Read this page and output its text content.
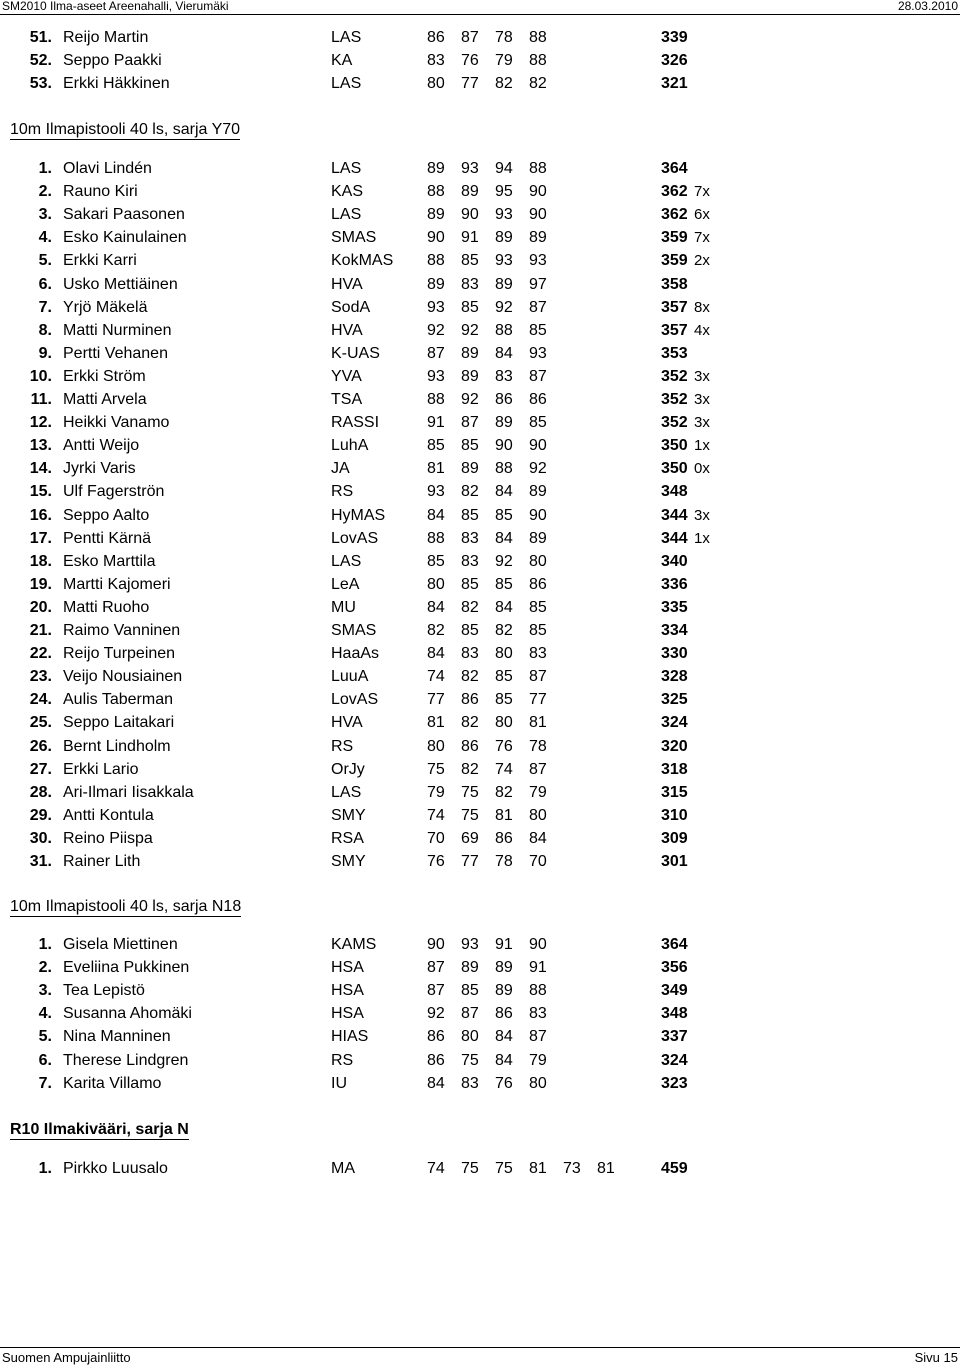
SM2010 Ilma-aseet Areenahalli, Vierumäki	28.03.2010
51. Reijo Martin	LAS	86	87	78	88	339
52. Seppo Paakki	KA	83	76	79	88	326
53. Erkki Häkkinen	LAS	80	77	82	82	321
10m Ilmapistooli 40 ls, sarja Y70
1. Olavi Lindén	LAS	89	93	94	88	364
2. Rauno Kiri	KAS	88	89	95	90	362 7x
3. Sakari Paasonen	LAS	89	90	93	90	362 6x
4. Esko Kainulainen	SMAS	90	91	89	89	359 7x
5. Erkki Karri	KokMAS 88	85	93	93	359 2x
6. Usko Mettiäinen	HVA	89	83	89	97	358
7. Yrjö Mäkelä	SodA	93	85	92	87	357 8x
8. Matti Nurminen	HVA	92	92	88	85	357 4x
9. Pertti Vehanen	K-UAS	87	89	84	93	353
10. Erkki Ström	YVA	93	89	83	87	352 3x
11. Matti Arvela	TSA	88	92	86	86	352 3x
12. Heikki Vanamo	RASSI	91	87	89	85	352 3x
13. Antti Weijo	LuhA	85	85	90	90	350 1x
14. Jyrki Varis	JA	81	89	88	92	350 0x
15. Ulf Fagerströn	RS	93	82	84	89	348
16. Seppo Aalto	HyMAS	84	85	85	90	344 3x
17. Pentti Kärnä	LovAS	88	83	84	89	344 1x
18. Esko Marttila	LAS	85	83	92	80	340
19. Martti Kajomeri	LeA	80	85	85	86	336
20. Matti Ruoho	MU	84	82	84	85	335
21. Raimo Vanninen	SMAS	82	85	82	85	334
22. Reijo Turpeinen	HaaAs	84	83	80	83	330
23. Veijo Nousiainen	LuuA	74	82	85	87	328
24. Aulis Taberman	LovAS	77	86	85	77	325
25. Seppo Laitakari	HVA	81	82	80	81	324
26. Bernt Lindholm	RS	80	86	76	78	320
27. Erkki Lario	OrJy	75	82	74	87	318
28. Ari-Ilmari Iisakkala	LAS	79	75	82	79	315
29. Antti Kontula	SMY	74	75	81	80	310
30. Reino Piispa	RSA	70	69	86	84	309
31. Rainer Lith	SMY	76	77	78	70	301
10m Ilmapistooli 40 ls, sarja N18
1. Gisela Miettinen	KAMS	90	93	91	90	364
2. Eveliina Pukkinen	HSA	87	89	89	91	356
3. Tea Lepistö	HSA	87	85	89	88	349
4. Susanna Ahomäki	HSA	92	87	86	83	348
5. Nina Manninen	HIAS	86	80	84	87	337
6. Therese Lindgren	RS	86	75	84	79	324
7. Karita Villamo	IU	84	83	76	80	323
R10 Ilmakivääri, sarja N
1. Pirkko Luusalo	MA	74	75	75	81	73	81	459
Suomen Ampujainliitto	Sivu 15
